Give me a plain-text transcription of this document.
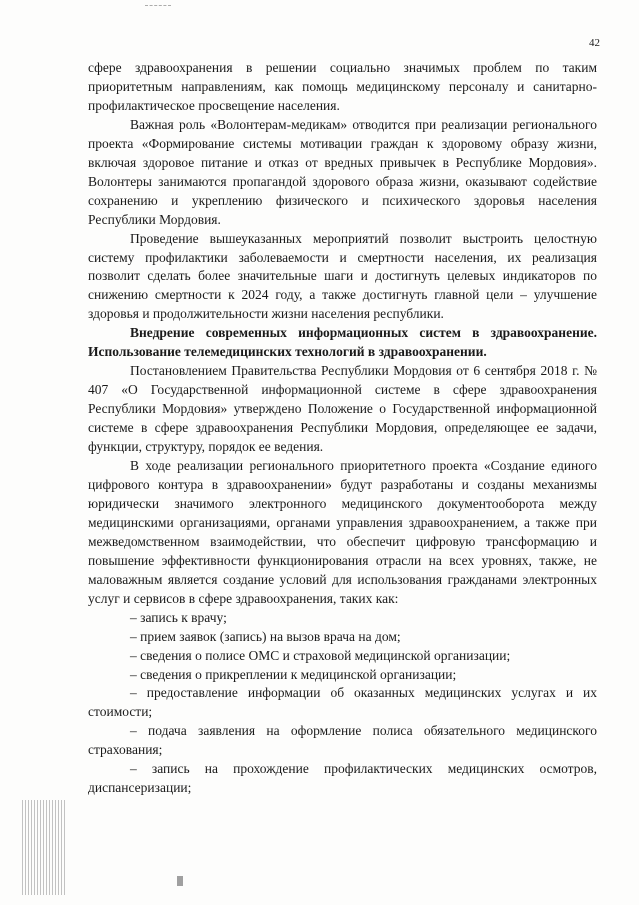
42

сфере здравоохранения в решении социально значимых проблем по таким приоритетным направлениям, как помощь медицинскому персоналу и санитарно-профилактическое просвещение населения.

Важная роль «Волонтерам-медикам» отводится при реализации регионального проекта «Формирование системы мотивации граждан к здоровому образу жизни, включая здоровое питание и отказ от вредных привычек в Республике Мордовия». Волонтеры занимаются пропагандой здорового образа жизни, оказывают содействие сохранению и укреплению физического и психического здоровья населения Республики Мордовия.

Проведение вышеуказанных мероприятий позволит выстроить целостную систему профилактики заболеваемости и смертности населения, их реализация позволит сделать более значительные шаги и достигнуть целевых индикаторов по снижению смертности к 2024 году, а также достигнуть главной цели – улучшение здоровья и продолжительности жизни населения республики.

Внедрение современных информационных систем в здравоохранение. Использование телемедицинских технологий в здравоохранении.

Постановлением Правительства Республики Мордовия от 6 сентября 2018 г. № 407 «О Государственной информационной системе в сфере здравоохранения Республики Мордовия» утверждено Положение о Государственной информационной системе в сфере здравоохранения Республики Мордовия, определяющее ее задачи, функции, структуру, порядок ее ведения.

В ходе реализации регионального приоритетного проекта «Создание единого цифрового контура в здравоохранении» будут разработаны и созданы механизмы юридически значимого электронного медицинского документооборота между медицинскими организациями, органами управления здравоохранением, а также при межведомственном взаимодействии, что обеспечит цифровую трансформацию и повышение эффективности функционирования отрасли на всех уровнях, также, не маловажным является создание условий для использования гражданами электронных услуг и сервисов в сфере здравоохранения, таких как:

– запись к врачу;

– прием заявок (запись) на вызов врача на дом;

– сведения о полисе ОМС и страховой медицинской организации;

– сведения о прикреплении к медицинской организации;

– предоставление информации об оказанных медицинских услугах и их стоимости;

– подача заявления на оформление полиса обязательного медицинского страхования;

– запись на прохождение профилактических медицинских осмотров, диспансеризации;
